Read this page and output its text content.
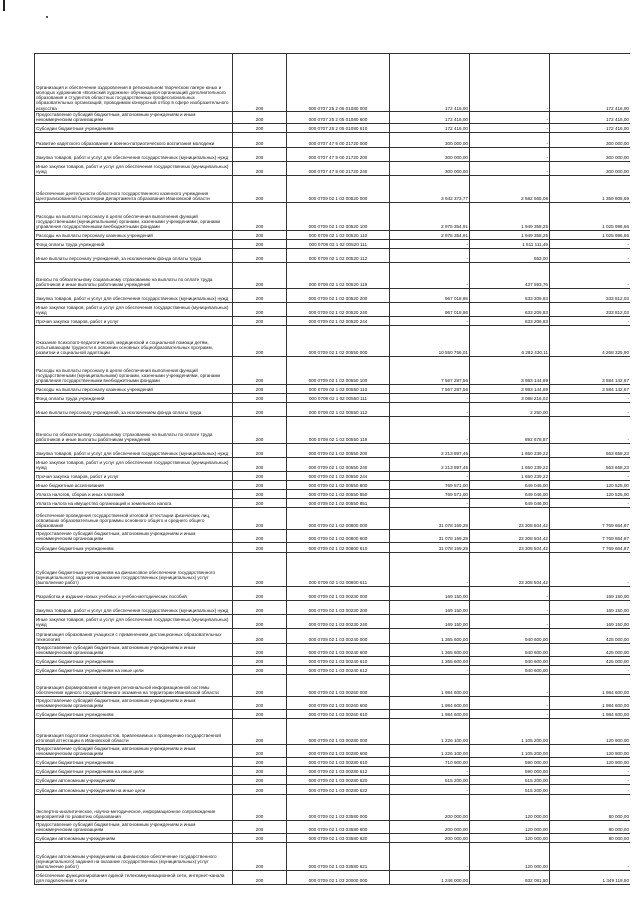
Организация и обеспечение оздоровления в региональном творческом лагере юных и молодых художников «Волжский художник» обучающихся организаций дополнительного образования и студентов областных государственных профессиональных образовательных организаций, проводимом конкурсный отбор в сфере изобразительного искусства	200	000 0707 25 2 05 01080 000	172 416,00	-	172 416,00
Предоставление субсидий бюджетным, автономным учреждениям и иным некоммерческим организациям	200	000 0707 25 2 05 01080 600	172 416,00	-	172 416,00
Субсидии бюджетным учреждениям	200	000 0707 25 2 05 01080 610	172 416,00	-	172 416,00
Развитие кадетского образования и военно-патриотического воспитания молодежи	200	000 0707 47 9 00 21720 000	300 000,00	-	300 000,00
Закупка товаров, работ и услуг для обеспечения государственных (муниципальных) нужд	200	000 0707 47 9 00 21720 200	300 000,00	-	300 000,00
Иные закупки товаров, работ и услуг для обеспечения государственных (муниципальных) нужд	200	000 0707 47 9 00 21720 240	300 000,00	-	300 000,00
Обеспечение деятельности областного государственного казенного учреждения Централизованной бухгалтерии Департамента образования Ивановской области	200	000 0709 02 1 02 00520 000	3 942 373,77	2 582 565,08	1 359 808,69
Расходы на выплаты персоналу в целях обеспечения выполнения функций государственными (муниципальными) органами, казенными учреждениями, органами управления государственными внебюджетными фондами	200	000 0709 02 1 02 00520 100	2 975 354,91	1 949 358,25	1 025 996,66
Расходы на выплаты персоналу казенных учреждений	200	000 0709 02 1 02 00520 110	2 975 354,91	1 949 358,25	1 025 996,66
Фонд оплаты труда учреждений	200	000 0709 02 1 02 00520 111	-	1 511 111,49	-
Иные выплаты персоналу учреждений, за исключением фонда оплаты труда	200	000 0709 02 1 02 00520 112	-	653,00	-
Взносы по обязательному социальному страхованию на выплаты по оплате труда работников и иные выплаты работникам учреждений	200	000 0709 02 1 02 00520 119	-	437 593,76	-
Закупка товаров, работ и услуг для обеспечения государственных (муниципальных) нужд	200	000 0709 02 1 02 00520 200	967 018,86	633 206,83	333 812,03
Иные закупки товаров, работ и услуг для обеспечения государственных (муниципальных) нужд	200	000 0709 02 1 02 00520 240	967 018,86	633 206,83	333 812,03
Прочая закупка товаров, работ и услуг	200	000 0709 02 1 02 00520 244	-	633 206,83	-
Оказание психолого-педагогической, медицинской и социальной помощи детям, испытывающим трудности в освоении основных общеобразовательных программ, развитии и социальной адаптации	200	000 0709 02 1 02 00550 000	10 550 756,01	6 282 430,11	4 268 325,90
Расходы на выплаты персоналу в целях обеспечения выполнения функций государственными (муниципальными) органами, казенными учреждениями, органами управления государственными внебюджетными фондами	200	000 0709 02 1 02 00550 100	7 567 287,56	3 983 144,89	3 584 142,67
Расходы на выплаты персоналу казенных учреждений	200	000 0709 02 1 02 00550 110	7 567 287,56	3 983 144,89	3 584 142,67
Фонд оплаты труда учреждений	200	000 0709 02 1 02 00550 111	-	3 088 216,02	-
Иные выплаты персоналу учреждений, за исключением фонда оплаты труда	200	000 0709 02 1 02 00550 112	-	2 250,00	-
Взносы по обязательному социальному страхованию на выплаты по оплате труда работников и иные выплаты работникам учреждений	200	000 0709 02 1 02 00550 119	-	892 678,87	-
Закупка товаров, работ и услуг для обеспечения государственных (муниципальных) нужд	200	000 0709 02 1 02 00550 200	2 213 897,45	1 650 239,22	563 658,23
Иные закупки товаров, работ и услуг для обеспечения государственных (муниципальных) нужд	200	000 0709 02 1 02 00550 240	2 213 897,45	1 650 239,22	563 658,23
Прочая закупка товаров, работ и услуг	200	000 0709 02 1 02 00550 244	-	1 650 239,22	-
Иные бюджетные ассигнования	200	000 0709 02 1 02 00550 800	769 571,00	649 046,00	120 525,00
Уплата налогов, сборов и иных платежей	200	000 0709 02 1 02 00550 850	769 571,00	649 046,00	120 525,00
Уплата налога на имущество организаций и земельного налога	200	000 0709 02 1 02 00550 851	-	649 046,00	-
Обеспечение проведения государственной итоговой аттестации физических лиц, освоивших образовательные программы основного общего и среднего общего образования	200	000 0709 02 1 02 00800 000	31 078 169,29	23 308 504,42	7 769 664,87
Предоставление субсидий бюджетным, автономным учреждениям и иным некоммерческим организациям	200	000 0709 02 1 02 00800 600	31 078 169,29	23 308 504,42	7 769 664,87
Субсидии бюджетным учреждениям	200	000 0709 02 1 02 00800 610	31 078 169,29	23 308 504,42	7 769 664,87
Субсидии бюджетным учреждениям на финансовое обеспечение государственного (муниципального) задания на оказание государственных (муниципальных) услуг (выполнение работ)	200	000 0709 02 1 02 00800 611	-	23 308 504,42	-
Разработка и издание новых учебных и учебно-методических пособий	200	000 0709 02 1 03 00230 000	169 150,00	-	169 150,00
Закупка товаров, работ и услуг для обеспечения государственных (муниципальных) нужд	200	000 0709 02 1 03 00230 200	169 150,00	-	169 150,00
Иные закупки товаров, работ и услуг для обеспечения государственных (муниципальных) нужд	200	000 0709 02 1 03 00230 240	169 150,00	-	169 150,00
Организация образования учащихся с применением дистанционных образовательных технологий	200	000 0709 02 1 03 00240 000	1 365 600,00	940 600,00	425 000,00
Предоставление субсидий бюджетным, автономным учреждениям и иным некоммерческим организациям	200	000 0709 02 1 03 00240 600	1 365 600,00	940 600,00	425 000,00
Субсидии бюджетным учреждениям	200	000 0709 02 1 03 00240 610	1 365 600,00	940 600,00	425 000,00
Субсидии бюджетным учреждениям на иные цели	200	000 0709 02 1 03 00240 612	-	940 600,00	-
Организация формирования и ведения региональной информационной системы обеспечения единого государственного экзамена на территории Ивановской области	200	000 0709 02 1 03 00260 000	1 984 600,00	-	1 984 600,00
Предоставление субсидий бюджетным, автономным учреждениям и иным некоммерческим организациям	200	000 0709 02 1 03 00260 600	1 984 600,00	-	1 984 600,00
Субсидии бюджетным учреждениям	200	000 0709 02 1 03 00260 610	1 984 600,00	-	1 984 600,00
Организация подготовки специалистов, привлекаемых к проведению государственной итоговой аттестации в Ивановской области	200	000 0709 02 1 03 00280 000	1 226 100,00	1 105 200,00	120 900,00
Предоставление субсидий бюджетным, автономным учреждениям и иным некоммерческим организациям	200	000 0709 02 1 03 00280 600	1 226 100,00	1 105 200,00	120 900,00
Субсидии бюджетным учреждениям	200	000 0709 02 1 03 00280 610	710 900,00	590 000,00	120 900,00
Субсидии бюджетным учреждениям на иные цели	200	000 0709 02 1 03 00280 612	-	590 000,00	-
Субсидии автономным учреждениям	200	000 0709 02 1 03 00280 620	515 200,00	515 200,00	-
Субсидии автономным учреждениям на иные цели	200	000 0709 02 1 03 00280 622	-	515 200,00	-
Экспертно-аналитическое, научно-методическое, информационное сопровождение мероприятий по развитию образования	200	000 0709 02 1 03 03580 000	200 000,00	120 000,00	80 000,00
Предоставление субсидий бюджетным, автономным учреждениям и иным некоммерческим организациям	200	000 0709 02 1 03 03580 600	200 000,00	120 000,00	80 000,00
Субсидии автономным учреждениям	200	000 0709 02 1 03 03580 620	200 000,00	120 000,00	80 000,00
Субсидии автономным учреждениям на финансовое обеспечение государственного (муниципального) задания на оказание государственных (муниципальных) услуг (выполнение работ)	200	000 0709 02 1 03 03580 621	-	120 000,00	-
Обеспечение функционирования единой телекоммуникационной сети, интернет-канала для подключения к сети	200	000 0709 02 1 03 20000 000	1 246 000,00	932 081,50	1 349 118,50
